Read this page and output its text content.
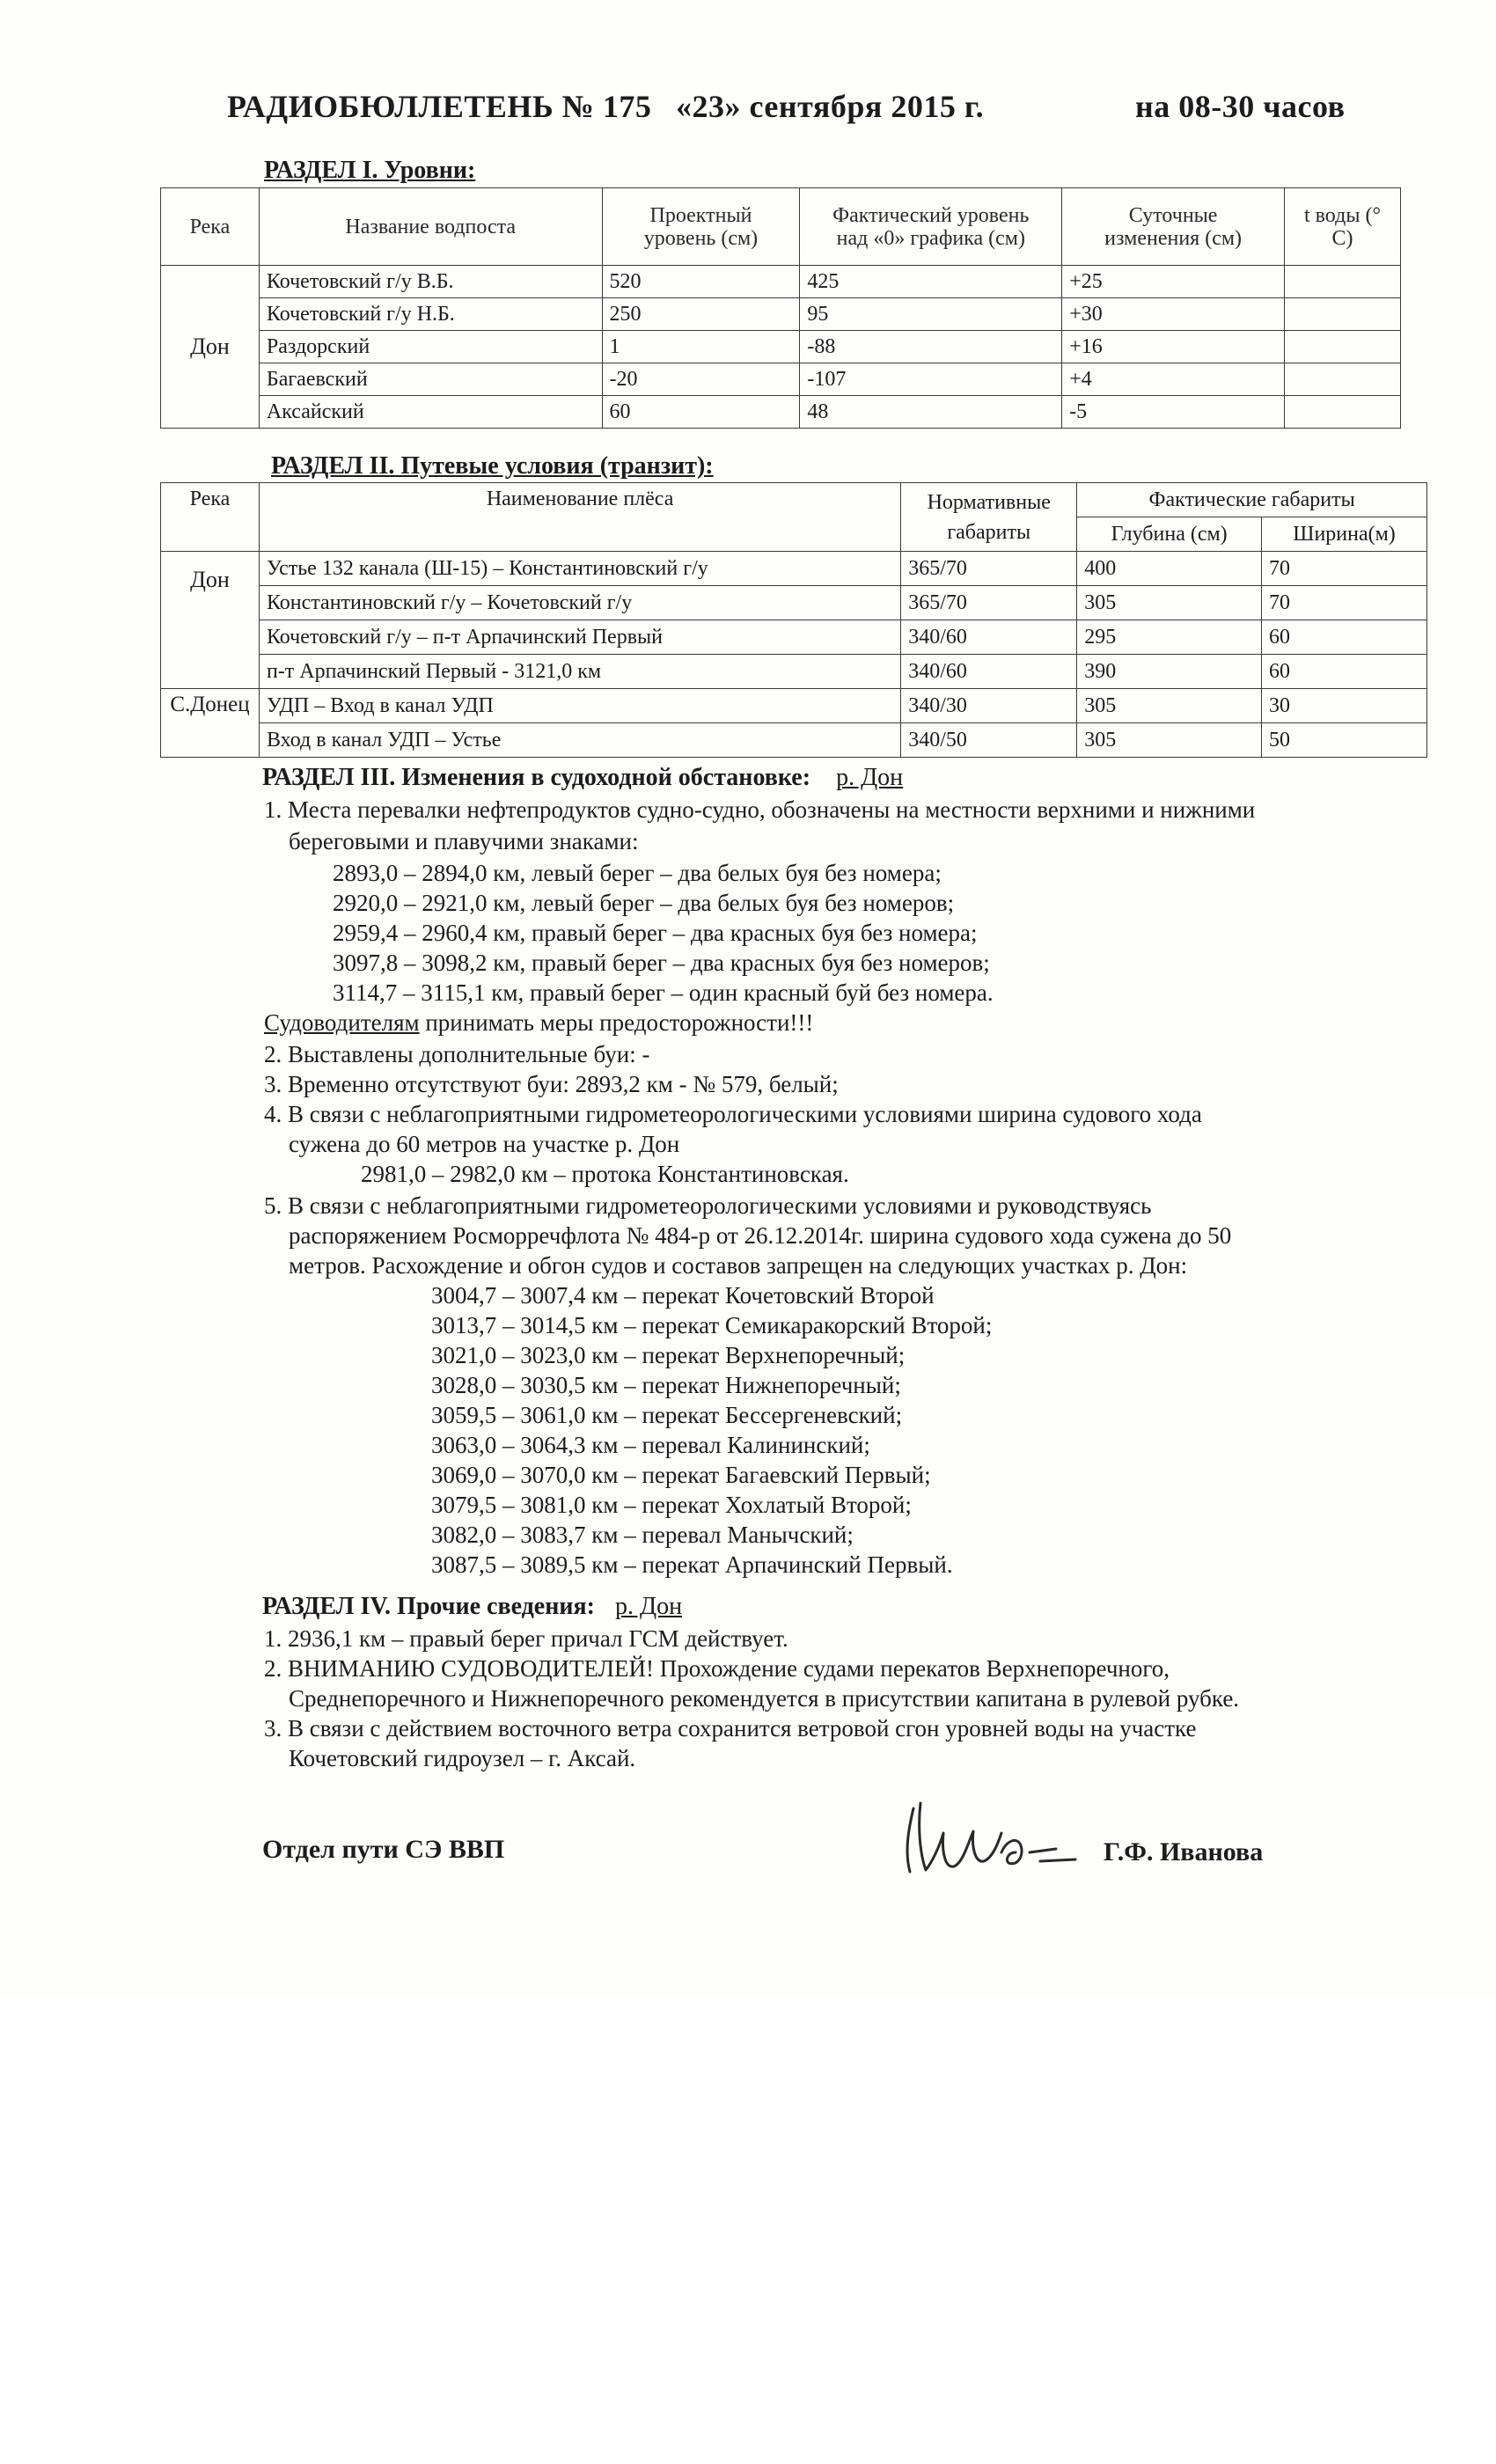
РАДИОБЮЛЛЕТЕНЬ № 175 «23» сентября 2015 г.	на 08-30 часов
РАЗДЕЛ I. Уровни:
Река	Название водпоста	Проектный уровень (см)	Фактический уровень над «0» графика (см)	Суточные изменения (см)	t воды (° C)
Дон	Кочетовский г/у В.Б.	520	425	+25	
	Кочетовский г/у Н.Б.	250	95	+30	
	Раздорский	1	-88	+16	
	Багаевский	-20	-107	+4	
	Аксайский	60	48	-5	
РАЗДЕЛ II. Путевые условия (транзит):
Река	Наименование плёса	Нормативные габариты	Фактические габариты	
			Глубина (см)	Ширина(м)
Дон	Устье 132 канала (Ш-15) – Константиновский г/у	365/70	400	70
	Константиновский г/у – Кочетовский г/у	365/70	305	70
	Кочетовский г/у – п-т Арпачинский Первый	340/60	295	60
	п-т Арпачинский Первый - 3121,0 км	340/60	390	60
С.Донец	УДП – Вход в канал УДП	340/30	305	30
	Вход в канал УДП – Устье	340/50	305	50
РАЗДЕЛ III. Изменения в судоходной обстановке: р. Дон
1. Места перевалки нефтепродуктов судно-судно, обозначены на местности верхними и нижними
береговыми и плавучими знаками:
2893,0 – 2894,0 км, левый берег – два белых буя без номера;
2920,0 – 2921,0 км, левый берег – два белых буя без номеров;
2959,4 – 2960,4 км, правый берег – два красных буя без номера;
3097,8 – 3098,2 км, правый берег – два красных буя без номеров;
3114,7 – 3115,1 км, правый берег – один красный буй без номера.
Судоводителям принимать меры предосторожности!!!
2. Выставлены дополнительные буи: -
3. Временно отсутствуют буи: 2893,2 км - № 579, белый;
4. В связи с неблагоприятными гидрометеорологическими условиями ширина судового хода
сужена до 60 метров на участке р. Дон
2981,0 – 2982,0 км – протока Константиновская.
5. В связи с неблагоприятными гидрометеорологическими условиями и руководствуясь
распоряжением Росморречфлота № 484-р от 26.12.2014г. ширина судового хода сужена до 50
метров. Расхождение и обгон судов и составов запрещен на следующих участках р. Дон:
3004,7 – 3007,4 км – перекат Кочетовский Второй
3013,7 – 3014,5 км – перекат Семикаракорский Второй;
3021,0 – 3023,0 км – перекат Верхнепоречный;
3028,0 – 3030,5 км – перекат Нижнепоречный;
3059,5 – 3061,0 км – перекат Бессергеневский;
3063,0 – 3064,3 км – перевал Калининский;
3069,0 – 3070,0 км – перекат Багаевский Первый;
3079,5 – 3081,0 км – перекат Хохлатый Второй;
3082,0 – 3083,7 км – перевал Манычский;
3087,5 – 3089,5 км – перекат Арпачинский Первый.
РАЗДЕЛ IV. Прочие сведения: р. Дон
1. 2936,1 км – правый берег причал ГСМ действует.
2. ВНИМАНИЮ СУДОВОДИТЕЛЕЙ! Прохождение судами перекатов Верхнепоречного,
Среднепоречного и Нижнепоречного рекомендуется в присутствии капитана в рулевой рубке.
3. В связи с действием восточного ветра сохранится ветровой сгон уровней воды на участке
Кочетовский гидроузел – г. Аксай.
Отдел пути СЭ ВВП	Г.Ф. Иванова
